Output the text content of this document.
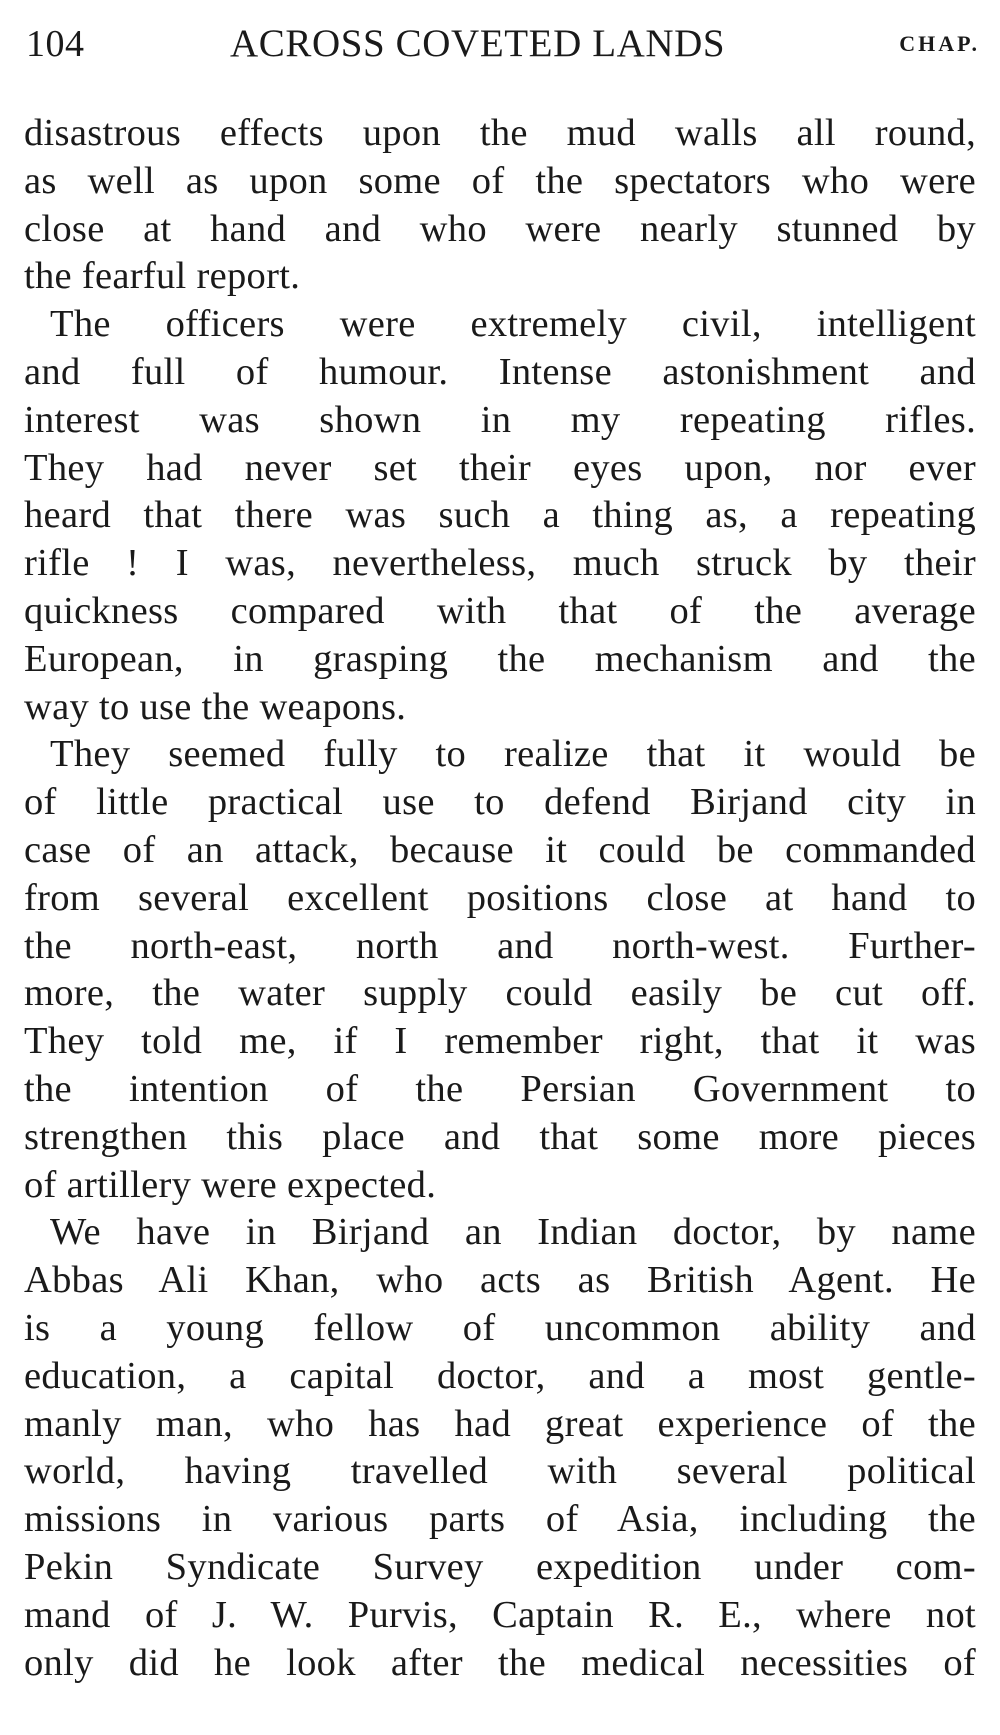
104	ACROSS COVETED LANDS	CHAP.
disastrous effects upon the mud walls all round,
as well as upon some of the spectators who were
close at hand and who were nearly stunned by
the fearful report.
The officers were extremely civil, intelligent
and full of humour. Intense astonishment and
interest was shown in my repeating rifles.
They had never set their eyes upon, nor ever
heard that there was such a thing as, a repeating
rifle ! I was, nevertheless, much struck by their
quickness compared with that of the average
European, in grasping the mechanism and the
way to use the weapons.
They seemed fully to realize that it would be
of little practical use to defend Birjand city in
case of an attack, because it could be commanded
from several excellent positions close at hand to
the north-east, north and north-west. Further-
more, the water supply could easily be cut off.
They told me, if I remember right, that it was
the intention of the Persian Government to
strengthen this place and that some more pieces
of artillery were expected.
We have in Birjand an Indian doctor, by name
Abbas Ali Khan, who acts as British Agent. He
is a young fellow of uncommon ability and
education, a capital doctor, and a most gentle-
manly man, who has had great experience of the
world, having travelled with several political
missions in various parts of Asia, including the
Pekin Syndicate Survey expedition under com-
mand of J. W. Purvis, Captain R. E., where not
only did he look after the medical necessities of
